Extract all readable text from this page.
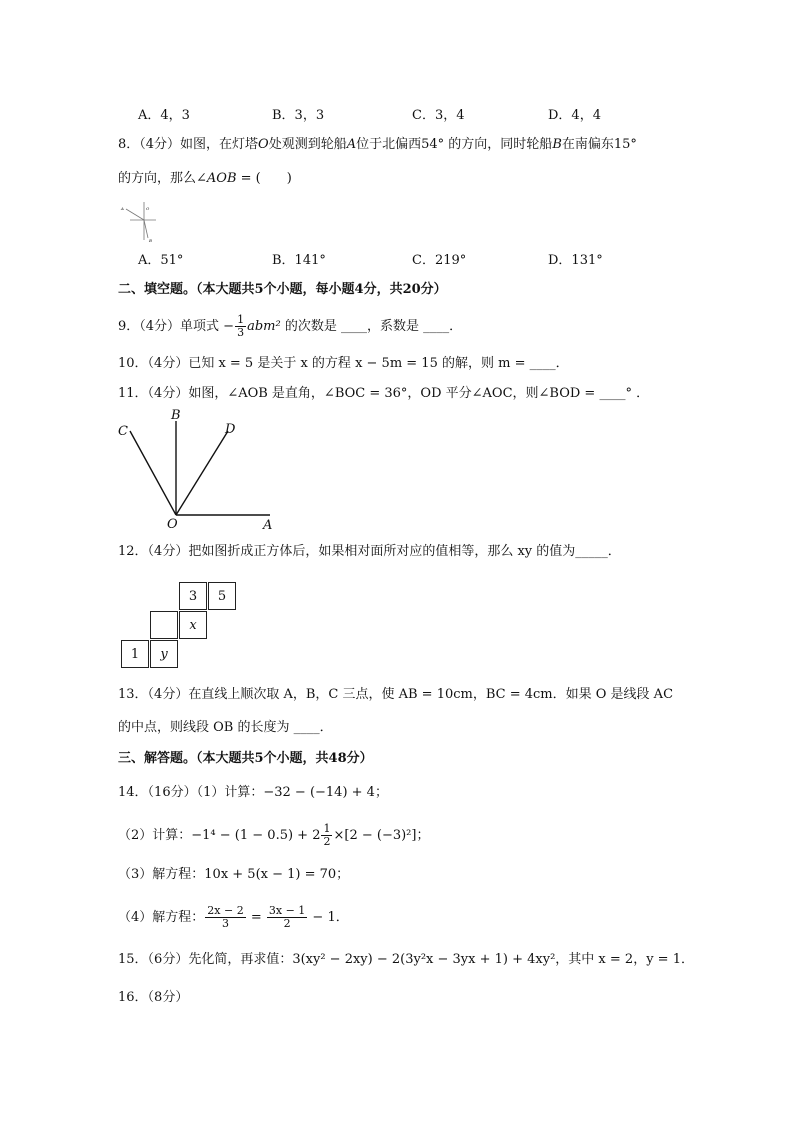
A．4，3	B．3，3	C．3，4	D．4，4
8．（4分）如图，在灯塔O处观测到轮船A位于北偏西54° 的方向，同时轮船B在南偏东15°
的方向，那么∠AOB = (　　)
A	O
B
A．51°	B．141°	C．219°	D．131°
二、填空题。（本大题共5个小题，每小题4分，共20分）
9．（4分）单项式 − $\frac{1}{3} abm^2$ 的次数是 ____，系数是 ____．
10．（4分）已知 x = 5 是关于 x 的方程 x − 5m = 15 的解，则 m = ____．
11．（4分）如图，∠AOB 是直角，∠BOC = 36°，OD 平分∠AOC，则∠BOD = ____° ．
C
B
D
O	A
12．（4分）把如图折成正方体后，如果相对面所对应的值相等，那么 xy 的值为_____．
3	5
x
1	y
13．（4分）在直线上顺次取 A，B，C 三点，使 AB = 10cm，BC = 4cm．如果 O 是线段 AC
的中点，则线段 OB 的长度为 ____．
三、解答题。（本大题共5个小题，共48分）
14．（16分）（1）计算：−32 − (−14) + 4；
（2）计算：$-1^4 - (1 - 0.5) + 2 \frac{1}{2} \times[2 - (-3)^2]$；
（3）解方程：10x + 5(x − 1) = 70；
（4）解方程： $\frac{2x - 2}{3} = \frac{3x - 1}{2} - 1$．
15．（6分）先化简，再求值：3(xy² − 2xy) − 2(3y²x − 3yx + 1) + 4xy²，其中 x = 2，y = 1．
16．（8分）
